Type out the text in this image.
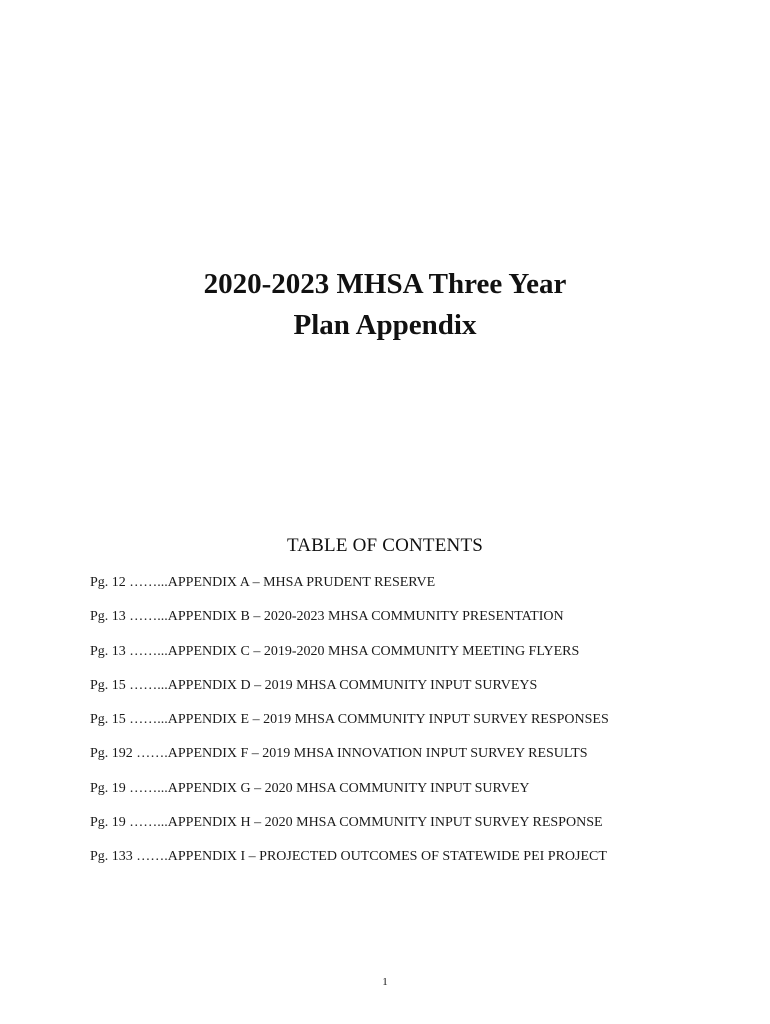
2020-2023 MHSA Three Year
Plan Appendix
TABLE OF CONTENTS
Pg. 12 ……...APPENDIX A – MHSA PRUDENT RESERVE
Pg. 13 ……...APPENDIX B – 2020-2023 MHSA COMMUNITY PRESENTATION
Pg. 13 ……...APPENDIX C – 2019-2020 MHSA COMMUNITY MEETING FLYERS
Pg. 15 ……...APPENDIX D – 2019 MHSA COMMUNITY INPUT SURVEYS
Pg. 15 ……...APPENDIX E – 2019 MHSA COMMUNITY INPUT SURVEY RESPONSES
Pg. 192 …….APPENDIX F – 2019 MHSA INNOVATION INPUT SURVEY RESULTS
Pg. 19 ……...APPENDIX G – 2020 MHSA COMMUNITY INPUT SURVEY
Pg. 19 ……...APPENDIX H – 2020 MHSA COMMUNITY INPUT SURVEY RESPONSE
Pg. 133 …….APPENDIX I – PROJECTED OUTCOMES OF STATEWIDE PEI PROJECT
1
